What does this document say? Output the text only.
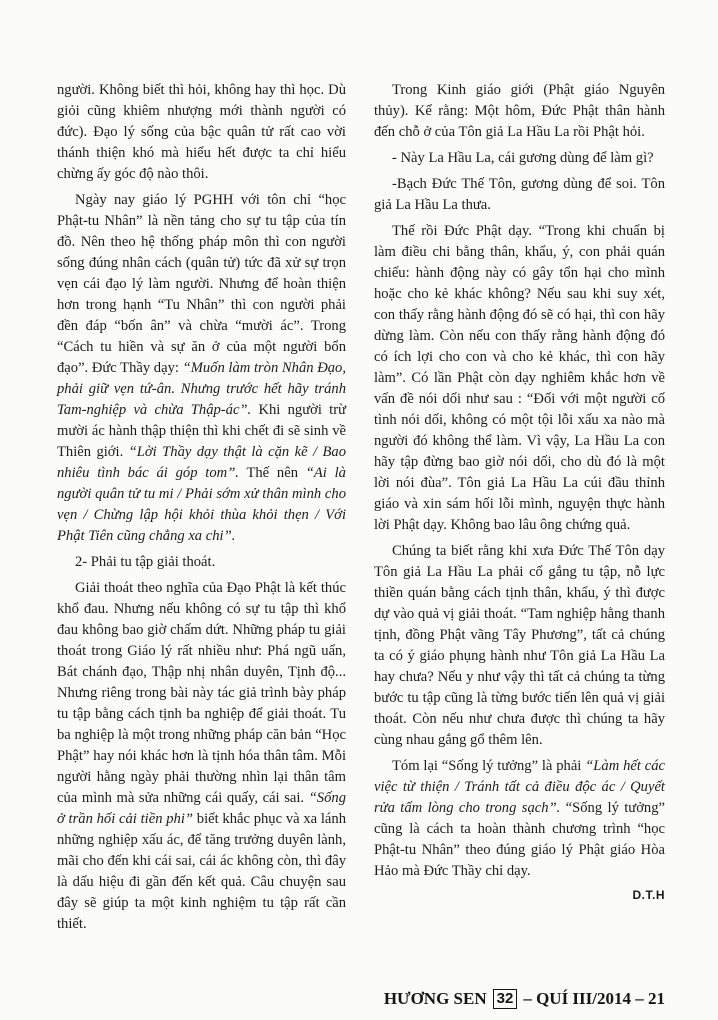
người. Không biết thì hỏi, không hay thì học. Dù giỏi cũng khiêm nhượng mới thành người có đức). Đạo lý sống của bậc quân tử rất cao vời thánh thiện khó mà hiểu hết được ta chỉ hiểu chừng ấy góc độ nào thôi.

Ngày nay giáo lý PGHH với tôn chỉ “học Phật-tu Nhân” là nền tảng cho sự tu tập của tín đồ. Nên theo hệ thống pháp môn thì con người sống đúng nhân cách (quân tử) tức đã xử sự trọn vẹn cái đạo lý làm người. Nhưng để hoàn thiện hơn trong hạnh “Tu Nhân” thì con người phải đền đáp “bốn ân” và chừa “mười ác”. Trong “Cách tu hiền và sự ăn ở của một người bổn đạo”. Đức Thầy dạy: “Muốn làm tròn Nhân Đạo, phải giữ vẹn tứ-ân. Nhưng trước hết hãy tránh Tam-nghiệp và chừa Thập-ác”. Khi người trừ mười ác hành thập thiện thì khi chết đi sẽ sinh về Thiên giới. “Lời Thầy dạy thật là cặn kẽ / Bao nhiêu tình bác ái góp tom”. Thế nên “Ai là người quân tử tu mi / Phải sớm xử thân mình cho vẹn / Chừng lập hội khỏi thùa khỏi thẹn / Với Phật Tiên cũng chẳng xa chi”.

2- Phải tu tập giải thoát.

Giải thoát theo nghĩa của Đạo Phật là kết thúc khổ đau. Nhưng nếu không có sự tu tập thì khổ đau không bao giờ chấm dứt. Những pháp tu giải thoát trong Giáo lý rất nhiều như: Phá ngũ uẩn, Bát chánh đạo, Thập nhị nhân duyên, Tịnh độ... Nhưng riêng trong bài này tác giả trình bày pháp tu tập bằng cách tịnh ba nghiệp để giải thoát. Tu ba nghiệp là một trong những pháp căn bản “Học Phật” hay nói khác hơn là tịnh hóa thân tâm. Mỗi người hằng ngày phải thường nhìn lại thân tâm của mình mà sửa những cái quấy, cái sai. “Sống ở trần hối cải tiền phi” biết khắc phục và xa lánh những nghiệp xấu ác, để tăng trưởng duyên lành, mãi cho đến khi cái sai, cái ác không còn, thì đây là dấu hiệu đi gần đến kết quả. Câu chuyện sau đây sẽ giúp ta một kinh nghiệm tu tập rất cần thiết.

Trong Kinh giáo giới (Phật giáo Nguyên thủy). Kể rằng: Một hôm, Đức Phật thân hành đến chỗ ở của Tôn giả La Hầu La rồi Phật hỏi.

- Này La Hầu La, cái gương dùng để làm gì?

-Bạch Đức Thế Tôn, gương dùng để soi. Tôn giả La Hầu La thưa.

Thế rồi Đức Phật dạy. “Trong khi chuẩn bị làm điều chi bằng thân, khẩu, ý, con phải quán chiếu: hành động này có gây tổn hại cho mình hoặc cho kẻ khác không? Nếu sau khi suy xét, con thấy rằng hành động đó sẽ có hại, thì con hãy dừng làm. Còn nếu con thấy rằng hành động đó có ích lợi cho con và cho kẻ khác, thì con hãy làm”. Có lần Phật còn dạy nghiêm khắc hơn về vấn đề nói dối như sau : “Đối với một người cố tình nói dối, không có một tội lỗi xấu xa nào mà người đó không thể làm. Vì vậy, La Hầu La con hãy tập đừng bao giờ nói dối, cho dù đó là một lời nói đùa”. Tôn giả La Hầu La cúi đầu thỉnh giáo và xin sám hối lỗi mình, nguyện thực hành lời Phật dạy. Không bao lâu ông chứng quả.

Chúng ta biết rằng khi xưa Đức Thế Tôn dạy Tôn giả La Hầu La phải cố gắng tu tập, nỗ lực thiền quán bằng cách tịnh thân, khẩu, ý thì được dự vào quả vị giải thoát. “Tam nghiệp hằng thanh tịnh, đồng Phật vãng Tây Phương”, tất cả chúng ta có ý giáo phụng hành như Tôn giả La Hầu La hay chưa? Nếu y như vậy thì tất cả chúng ta từng bước tu tập cũng là từng bước tiến lên quả vị giải thoát. Còn nếu như chưa được thì chúng ta hãy cùng nhau gắng gổ thêm lên.

Tóm lại “Sống lý tưởng” là phải “Làm hết các việc từ thiện / Tránh tất cả điều độc ác / Quyết rửa tấm lòng cho trong sạch”. “Sống lý tưởng” cũng là cách ta hoàn thành chương trình “học Phật-tu Nhân” theo đúng giáo lý Phật giáo Hòa Hảo mà Đức Thầy chỉ dạy.

D.T.H
HƯƠNG SEN 32 – QUÍ III/2014 – 21
